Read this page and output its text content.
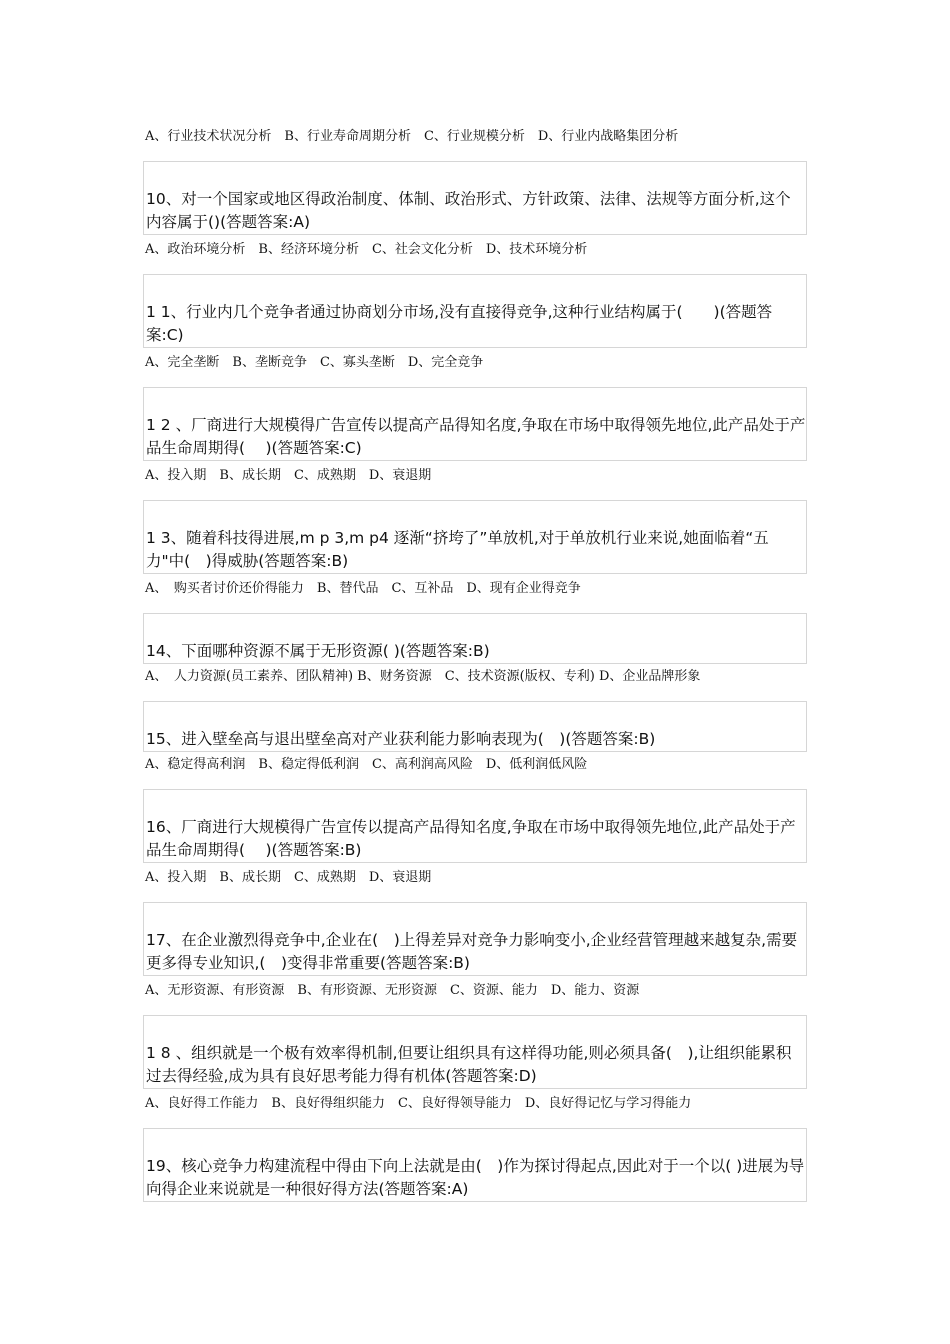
A、行业技术状况分析　B、行业寿命周期分析　C、行业规模分析　D、行业内战略集团分析
10、对一个国家或地区得政治制度、体制、政治形式、方针政策、法律、法规等方面分析,这个内容属于()(答题答案:A)
A、政治环境分析　B、经济环境分析　C、社会文化分析　D、技术环境分析
1 1、行业内几个竞争者通过协商划分市场,没有直接得竞争,这种行业结构属于(　　)(答题答案:C)
A、完全垄断　B、垄断竞争　C、寡头垄断　D、完全竞争
1 2 、厂商进行大规模得广告宣传以提高产品得知名度,争取在市场中取得领先地位,此产品处于产品生命周期得(　 )(答题答案:C)
A、投入期　B、成长期　C、成熟期　D、衰退期
1 3、随着科技得进展,m p 3,m p4 逐渐“挤垮了”单放机,对于单放机行业来说,她面临着“五力"中(　)得威胁(答题答案:B)
A、　购买者讨价还价得能力　B、替代品　C、互补品　D、现有企业得竞争
14、下面哪种资源不属于无形资源( )(答题答案:B)
A、　人力资源(员工素养、团队精神) B、财务资源　C、技术资源(版权、专利) D、企业品牌形象
15、进入壁垒高与退出壁垒高对产业获利能力影响表现为(　)(答题答案:B)
A、稳定得高利润　B、稳定得低利润　C、高利润高风险　D、低利润低风险
16、厂商进行大规模得广告宣传以提高产品得知名度,争取在市场中取得领先地位,此产品处于产品生命周期得(　 )(答题答案:B)
A、投入期　B、成长期　C、成熟期　D、衰退期
17、在企业激烈得竞争中,企业在(　)上得差异对竞争力影响变小,企业经营管理越来越复杂,需要更多得专业知识,(　)变得非常重要(答题答案:B)
A、无形资源、有形资源　B、有形资源、无形资源　C、资源、能力　D、能力、资源
1 8 、组织就是一个极有效率得机制,但要让组织具有这样得功能,则必须具备(　),让组织能累积过去得经验,成为具有良好思考能力得有机体(答题答案:D)
A、良好得工作能力　B、良好得组织能力　C、良好得领导能力　D、良好得记忆与学习得能力
19、核心竞争力构建流程中得由下向上法就是由(　)作为探讨得起点,因此对于一个以( )进展为导向得企业来说就是一种很好得方法(答题答案:A)
